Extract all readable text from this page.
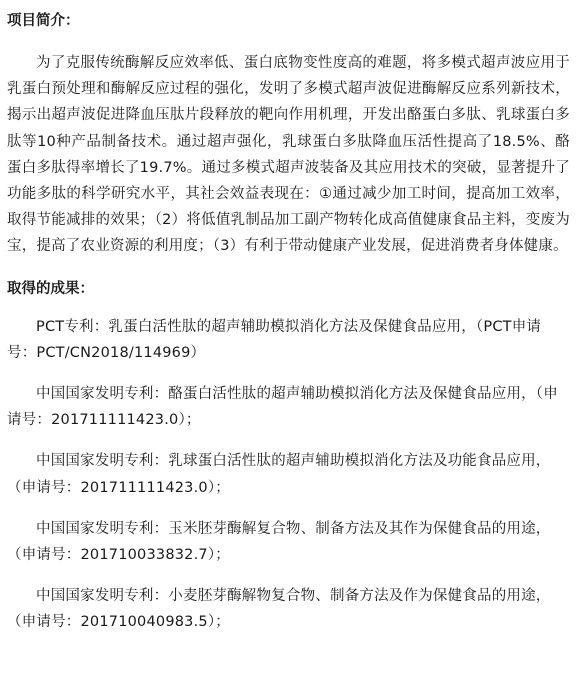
项目简介：

为了克服传统酶解反应效率低、蛋白底物变性度高的难题，将多模式超声波应用于乳蛋白预处理和酶解反应过程的强化，发明了多模式超声波促进酶解反应系列新技术，揭示出超声波促进降血压肽片段释放的靶向作用机理，开发出酪蛋白多肽、乳球蛋白多肽等10种产品制备技术。通过超声强化，乳球蛋白多肽降血压活性提高了18.5%、酪蛋白多肽得率增长了19.7%。通过多模式超声波装备及其应用技术的突破，显著提升了功能多肽的科学研究水平，其社会效益表现在：①通过减少加工时间，提高加工效率，取得节能减排的效果；（2）将低值乳制品加工副产物转化成高值健康食品主料，变废为宝，提高了农业资源的利用度；（3）有利于带动健康产业发展，促进消费者身体健康。

取得的成果：
PCT专利：乳蛋白活性肽的超声辅助模拟消化方法及保健食品应用，（PCT申请号：PCT/CN2018/114969）
中国国家发明专利：酪蛋白活性肽的超声辅助模拟消化方法及保健食品应用，（申请号：201711111423.0）；
中国国家发明专利：乳球蛋白活性肽的超声辅助模拟消化方法及功能食品应用，（申请号：201711111423.0）；
中国国家发明专利：玉米胚芽酶解复合物、制备方法及其作为保健食品的用途，（申请号：201710033832.7）；
中国国家发明专利：小麦胚芽酶解物复合物、制备方法及作为保健食品的用途，（申请号：201710040983.5）；
